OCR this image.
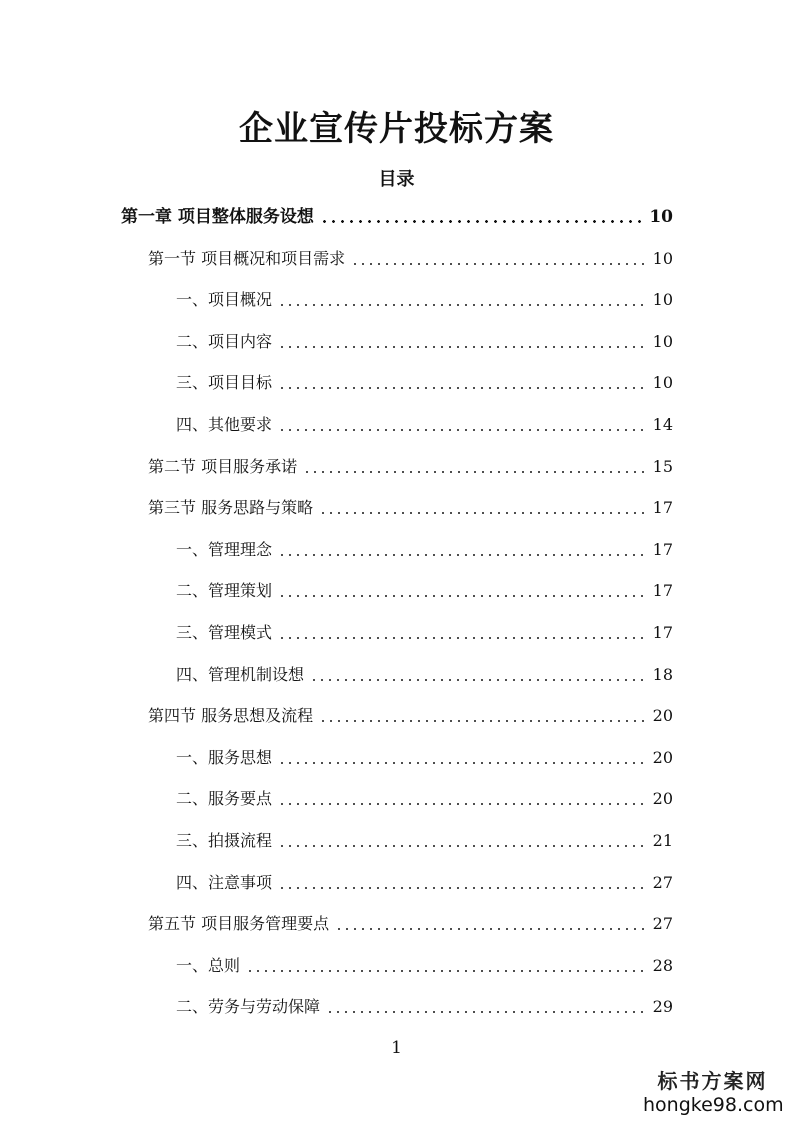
企业宣传片投标方案
目录
第一章 项目整体服务设想	10
第一节 项目概况和项目需求	10
一、项目概况	10
二、项目内容	10
三、项目目标	10
四、其他要求	14
第二节 项目服务承诺	15
第三节 服务思路与策略	17
一、管理理念	17
二、管理策划	17
三、管理模式	17
四、管理机制设想	18
第四节 服务思想及流程	20
一、服务思想	20
二、服务要点	20
三、拍摄流程	21
四、注意事项	27
第五节 项目服务管理要点	27
一、总则	28
二、劳务与劳动保障	29
1
标书方案网
hongke98.com
